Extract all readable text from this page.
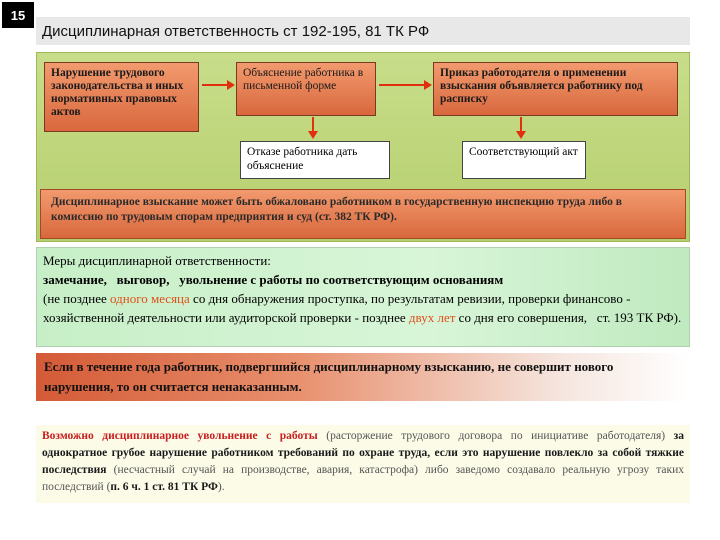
15
Дисциплинарная ответственность ст 192-195, 81 ТК РФ
Нарушение трудового законодательства и иных нормативных правовых актов
Объяснение работника в письменной форме
Приказ работодателя о применении взыскания объявляется работнику под расписку
Отказе работника дать объяснение
Соответствующий акт
Дисциплинарное взыскание может быть обжаловано работником в государственную инспекцию труда либо в комиссию по трудовым спорам предприятия и суд (ст. 382 ТК РФ).
Меры дисциплинарной ответственности:
замечание,   выговор,   увольнение с работы по соответствующим основаниям
(не позднее одного месяца со дня обнаружения проступка, по результатам ревизии, проверки финансово - хозяйственной деятельности или аудиторской проверки - позднее двух лет со дня его совершения,   ст. 193 ТК РФ).
Если в течение года работник, подвергшийся дисциплинарному взысканию, не совершит нового нарушения, то он считается ненаказанным.
Возможно дисциплинарное увольнение с работы (расторжение трудового договора по инициативе работодателя) за однократное грубое нарушение работником требований по охране труда, если это нарушение повлекло за собой тяжкие последствия (несчастный случай на производстве, авария, катастрофа) либо заведомо создавало реальную угрозу таких последствий (п. 6 ч. 1 ст. 81 ТК РФ).
